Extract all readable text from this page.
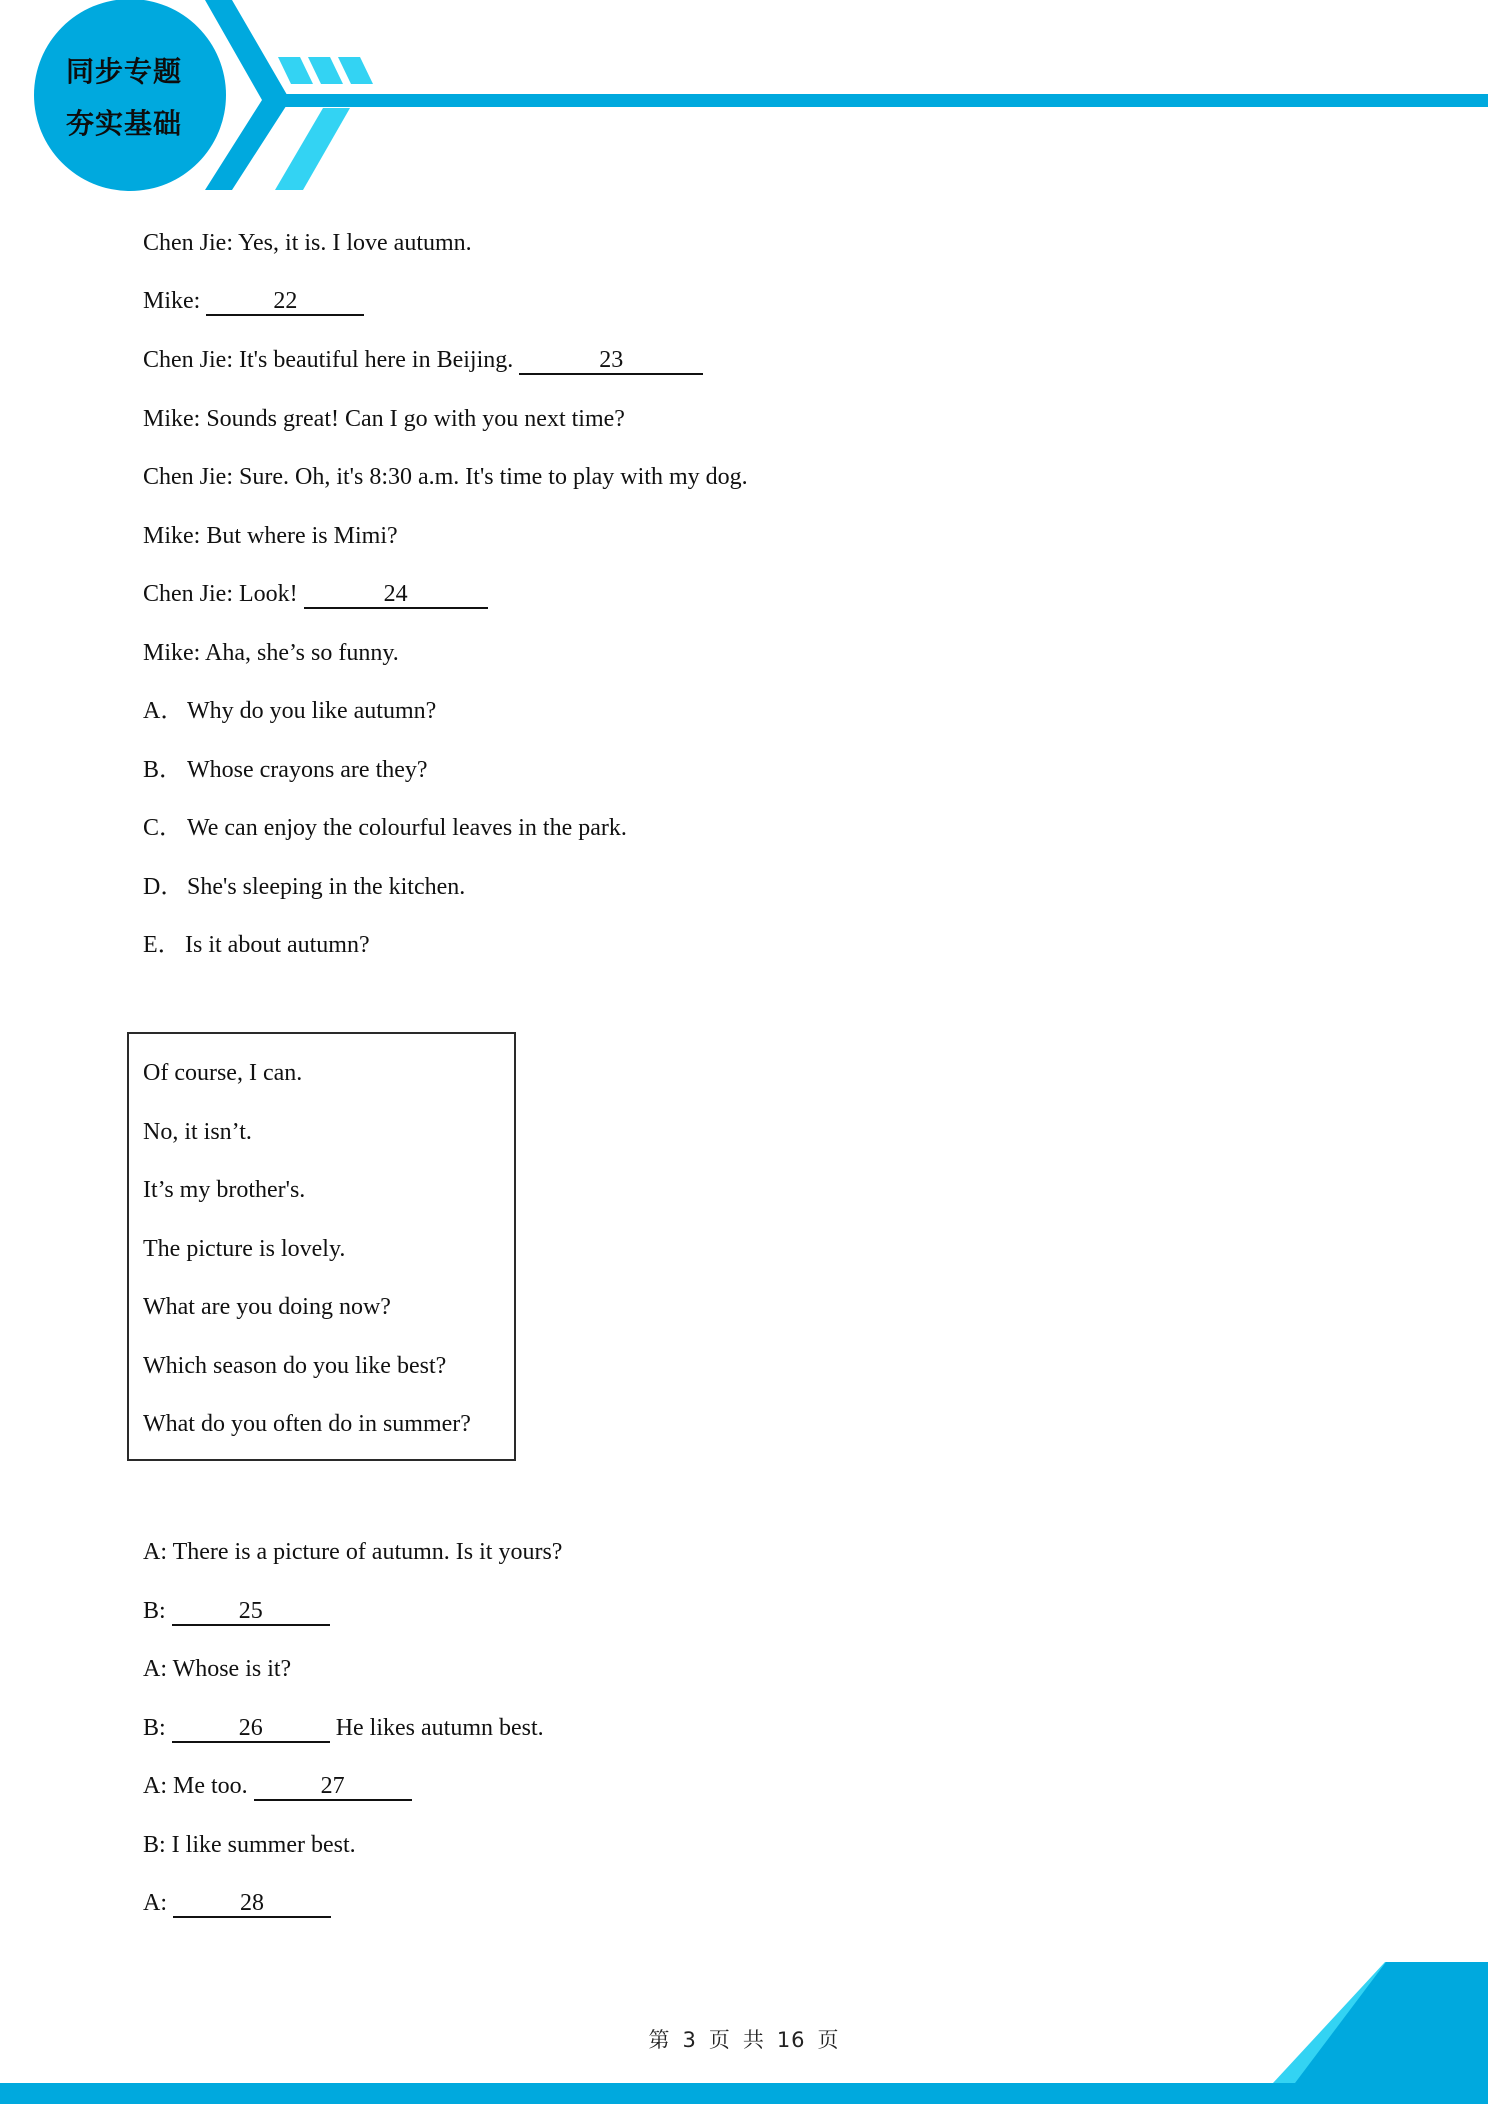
同步专题
夯实基础
Chen Jie: Yes, it is. I love autumn.
Mike:	22
Chen Jie: It's beautiful here in Beijing.	23
Mike: Sounds great! Can I go with you next time?
Chen Jie: Sure. Oh, it's 8:30 a.m. It's time to play with my dog.
Mike: But where is Mimi?
Chen Jie: Look!	24
Mike: Aha, she’s so funny.
A． Why do you like autumn?
B． Whose crayons are they?
C． We can enjoy the colourful leaves in the park.
D． She's sleeping in the kitchen.
E． Is it about autumn?
Of course, I can.
No, it isn’t.
It’s my brother's.
The picture is lovely.
What are you doing now?
Which season do you like best?
What do you often do in summer?
A: There is a picture of autumn. Is it yours?
B:	25
A: Whose is it?
B:	26	He likes autumn best.
A: Me too.	27
B: I like summer best.
A:	28
第 3 页 共 16 页
